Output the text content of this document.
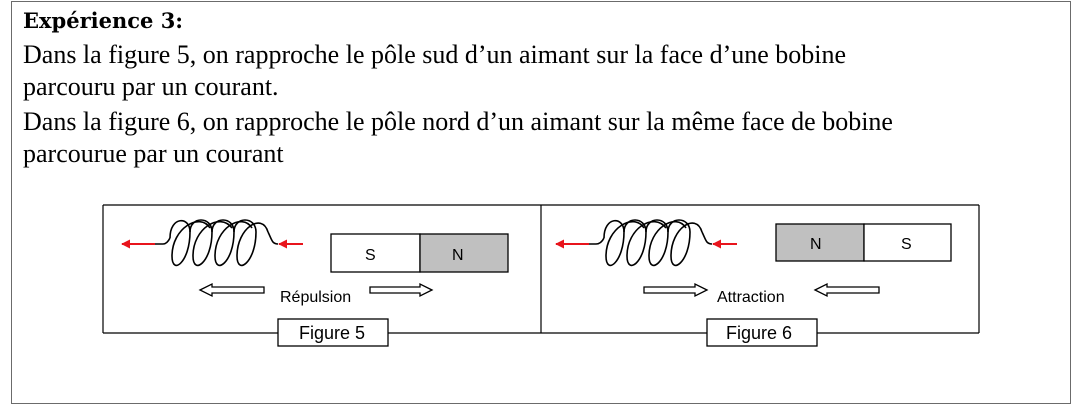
Expérience 3:
Dans la figure 5, on rapproche le pôle sud d’un aimant sur la face d’une bobine
parcouru par un courant.
Dans la figure 6, on rapproche le pôle nord d’un aimant sur la même face de bobine
parcourue par un courant
S	N
Répulsion
Figure 5
N	S
Attraction
Figure 6
